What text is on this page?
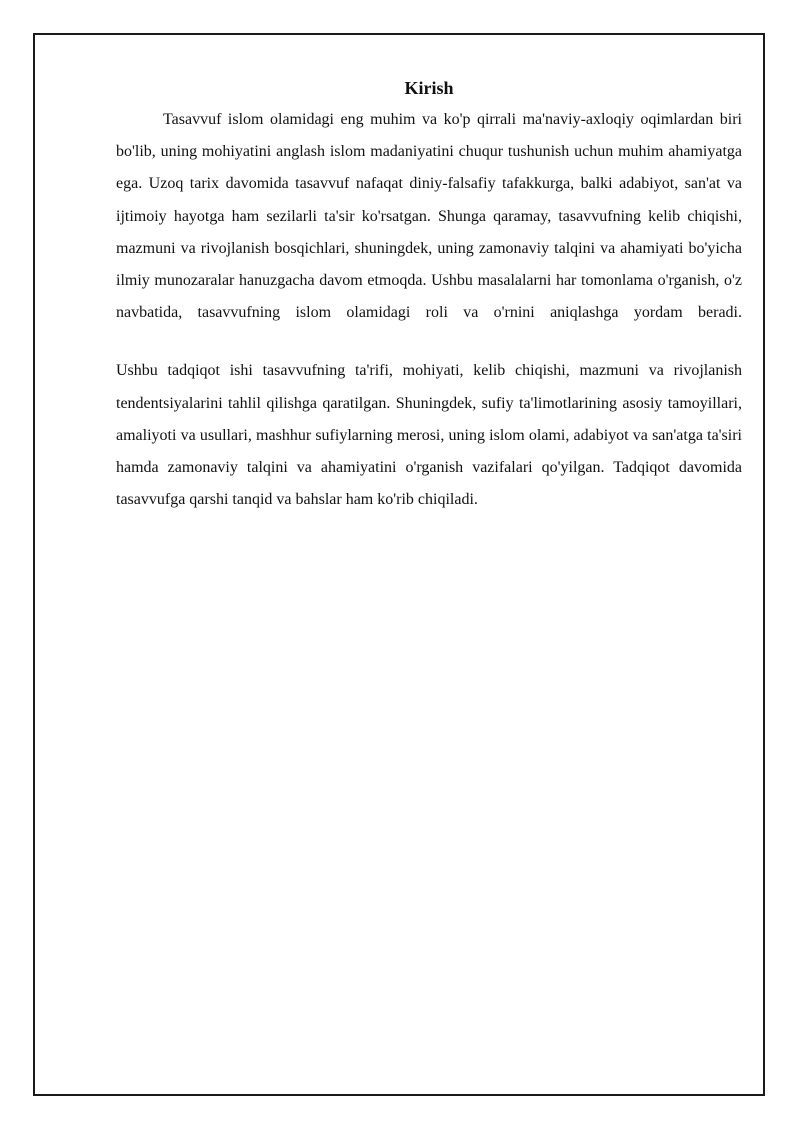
Kirish

Tasavvuf islom olamidagi eng muhim va ko'p qirrali ma'naviy-axloqiy oqimlardan biri bo'lib, uning mohiyatini anglash islom madaniyatini chuqur tushunish uchun muhim ahamiyatga ega. Uzoq tarix davomida tasavvuf nafaqat diniy-falsafiy tafakkurga, balki adabiyot, san'at va ijtimoiy hayotga ham sezilarli ta'sir ko'rsatgan. Shunga qaramay, tasavvufning kelib chiqishi, mazmuni va rivojlanish bosqichlari, shuningdek, uning zamonaviy talqini va ahamiyati bo'yicha ilmiy munozaralar hanuzgacha davom etmoqda. Ushbu masalalarni har tomonlama o'rganish, o'z navbatida, tasavvufning islom olamidagi roli va o'rnini aniqlashga yordam beradi.

Ushbu tadqiqot ishi tasavvufning ta'rifi, mohiyati, kelib chiqishi, mazmuni va rivojlanish tendentsiyalarini tahlil qilishga qaratilgan. Shuningdek, sufiy ta'limotlarining asosiy tamoyillari, amaliyoti va usullari, mashhur sufiylarning merosi, uning islom olami, adabiyot va san'atga ta'siri hamda zamonaviy talqini va ahamiyatini o'rganish vazifalari qo'yilgan. Tadqiqot davomida tasavvufga qarshi tanqid va bahslar ham ko'rib chiqiladi.
